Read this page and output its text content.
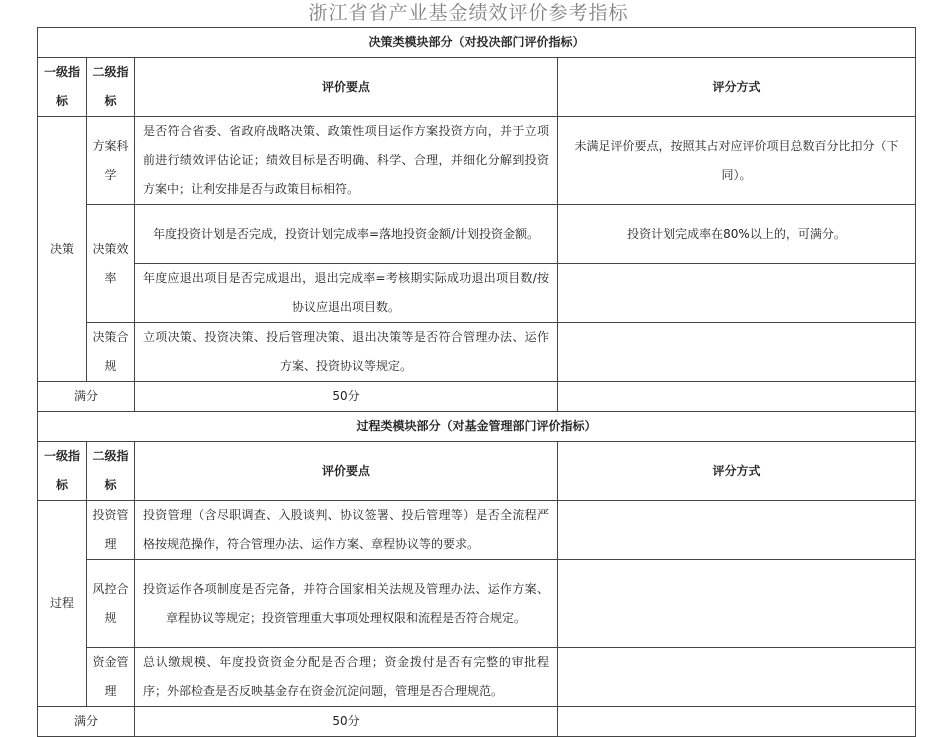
浙江省省产业基金绩效评价参考指标
决策类模块部分（对投决部门评价指标）			
一级指标	二级指标	评价要点	评分方式
决策	方案科学	是否符合省委、省政府战略决策、政策性项目运作方案投资方向，并于立项前进行绩效评估论证；绩效目标是否明确、科学、合理，并细化分解到投资方案中；让利安排是否与政策目标相符。	未满足评价要点，按照其占对应评价项目总数百分比扣分（下同）。
	决策效率	年度投资计划是否完成，投资计划完成率=落地投资金额/计划投资金额。	投资计划完成率在80%以上的，可满分。
		年度应退出项目是否完成退出，退出完成率=考核期实际成功退出项目数/按协议应退出项目数。	
	决策合规	立项决策、投资决策、投后管理决策、退出决策等是否符合管理办法、运作方案、投资协议等规定。	
满分		50分	
过程类模块部分（对基金管理部门评价指标）			
一级指标	二级指标	评价要点	评分方式
过程	投资管理	投资管理（含尽职调查、入股谈判、协议签署、投后管理等）是否全流程严格按规范操作，符合管理办法、运作方案、章程协议等的要求。	
	风控合规	投资运作各项制度是否完备，并符合国家相关法规及管理办法、运作方案、章程协议等规定；投资管理重大事项处理权限和流程是否符合规定。	
	资金管理	总认缴规模、年度投资资金分配是否合理；资金拨付是否有完整的审批程序；外部检查是否反映基金存在资金沉淀问题，管理是否合理规范。	
满分		50分	
